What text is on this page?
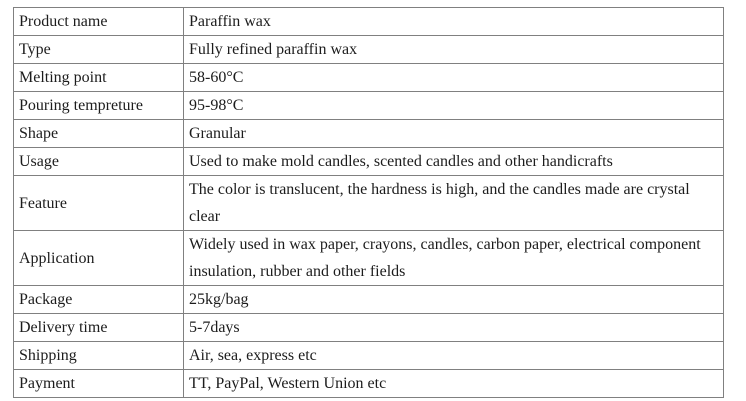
Product name	Paraffin wax
Type	Fully refined paraffin wax
Melting point	58-60°C
Pouring tempreture	95-98°C
Shape	Granular
Usage	Used to make mold candles, scented candles and other handicrafts
Feature	The color is translucent, the hardness is high, and the candles made are crystal clear
Application	Widely used in wax paper, crayons, candles, carbon paper, electrical component insulation, rubber and other fields
Package	25kg/bag
Delivery time	5-7days
Shipping	Air, sea, express etc
Payment	TT, PayPal, Western Union etc
